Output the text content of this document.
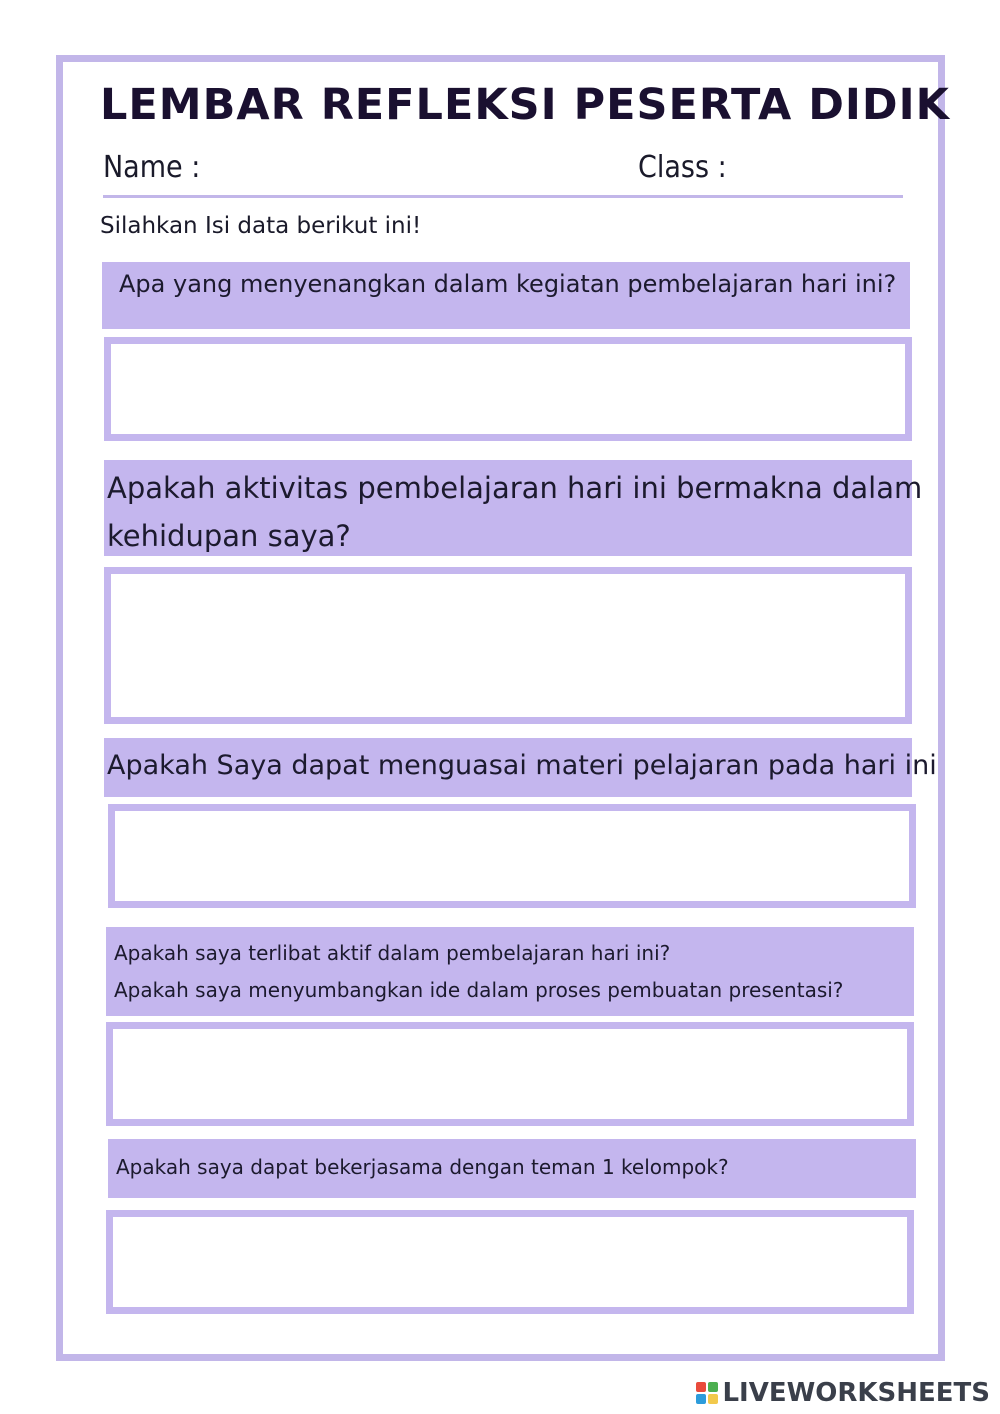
LEMBAR REFLEKSI PESERTA DIDIK
Name :	Class :
Silahkan Isi data berikut ini!
Apa yang menyenangkan dalam kegiatan pembelajaran hari ini?
Apakah aktivitas pembelajaran hari ini bermakna dalam
kehidupan saya?
Apakah Saya dapat menguasai materi pelajaran pada hari ini
Apakah saya terlibat aktif dalam pembelajaran hari ini?
Apakah saya menyumbangkan ide dalam proses pembuatan presentasi?
Apakah saya dapat bekerjasama dengan teman 1 kelompok?
LIVEWORKSHEETS
